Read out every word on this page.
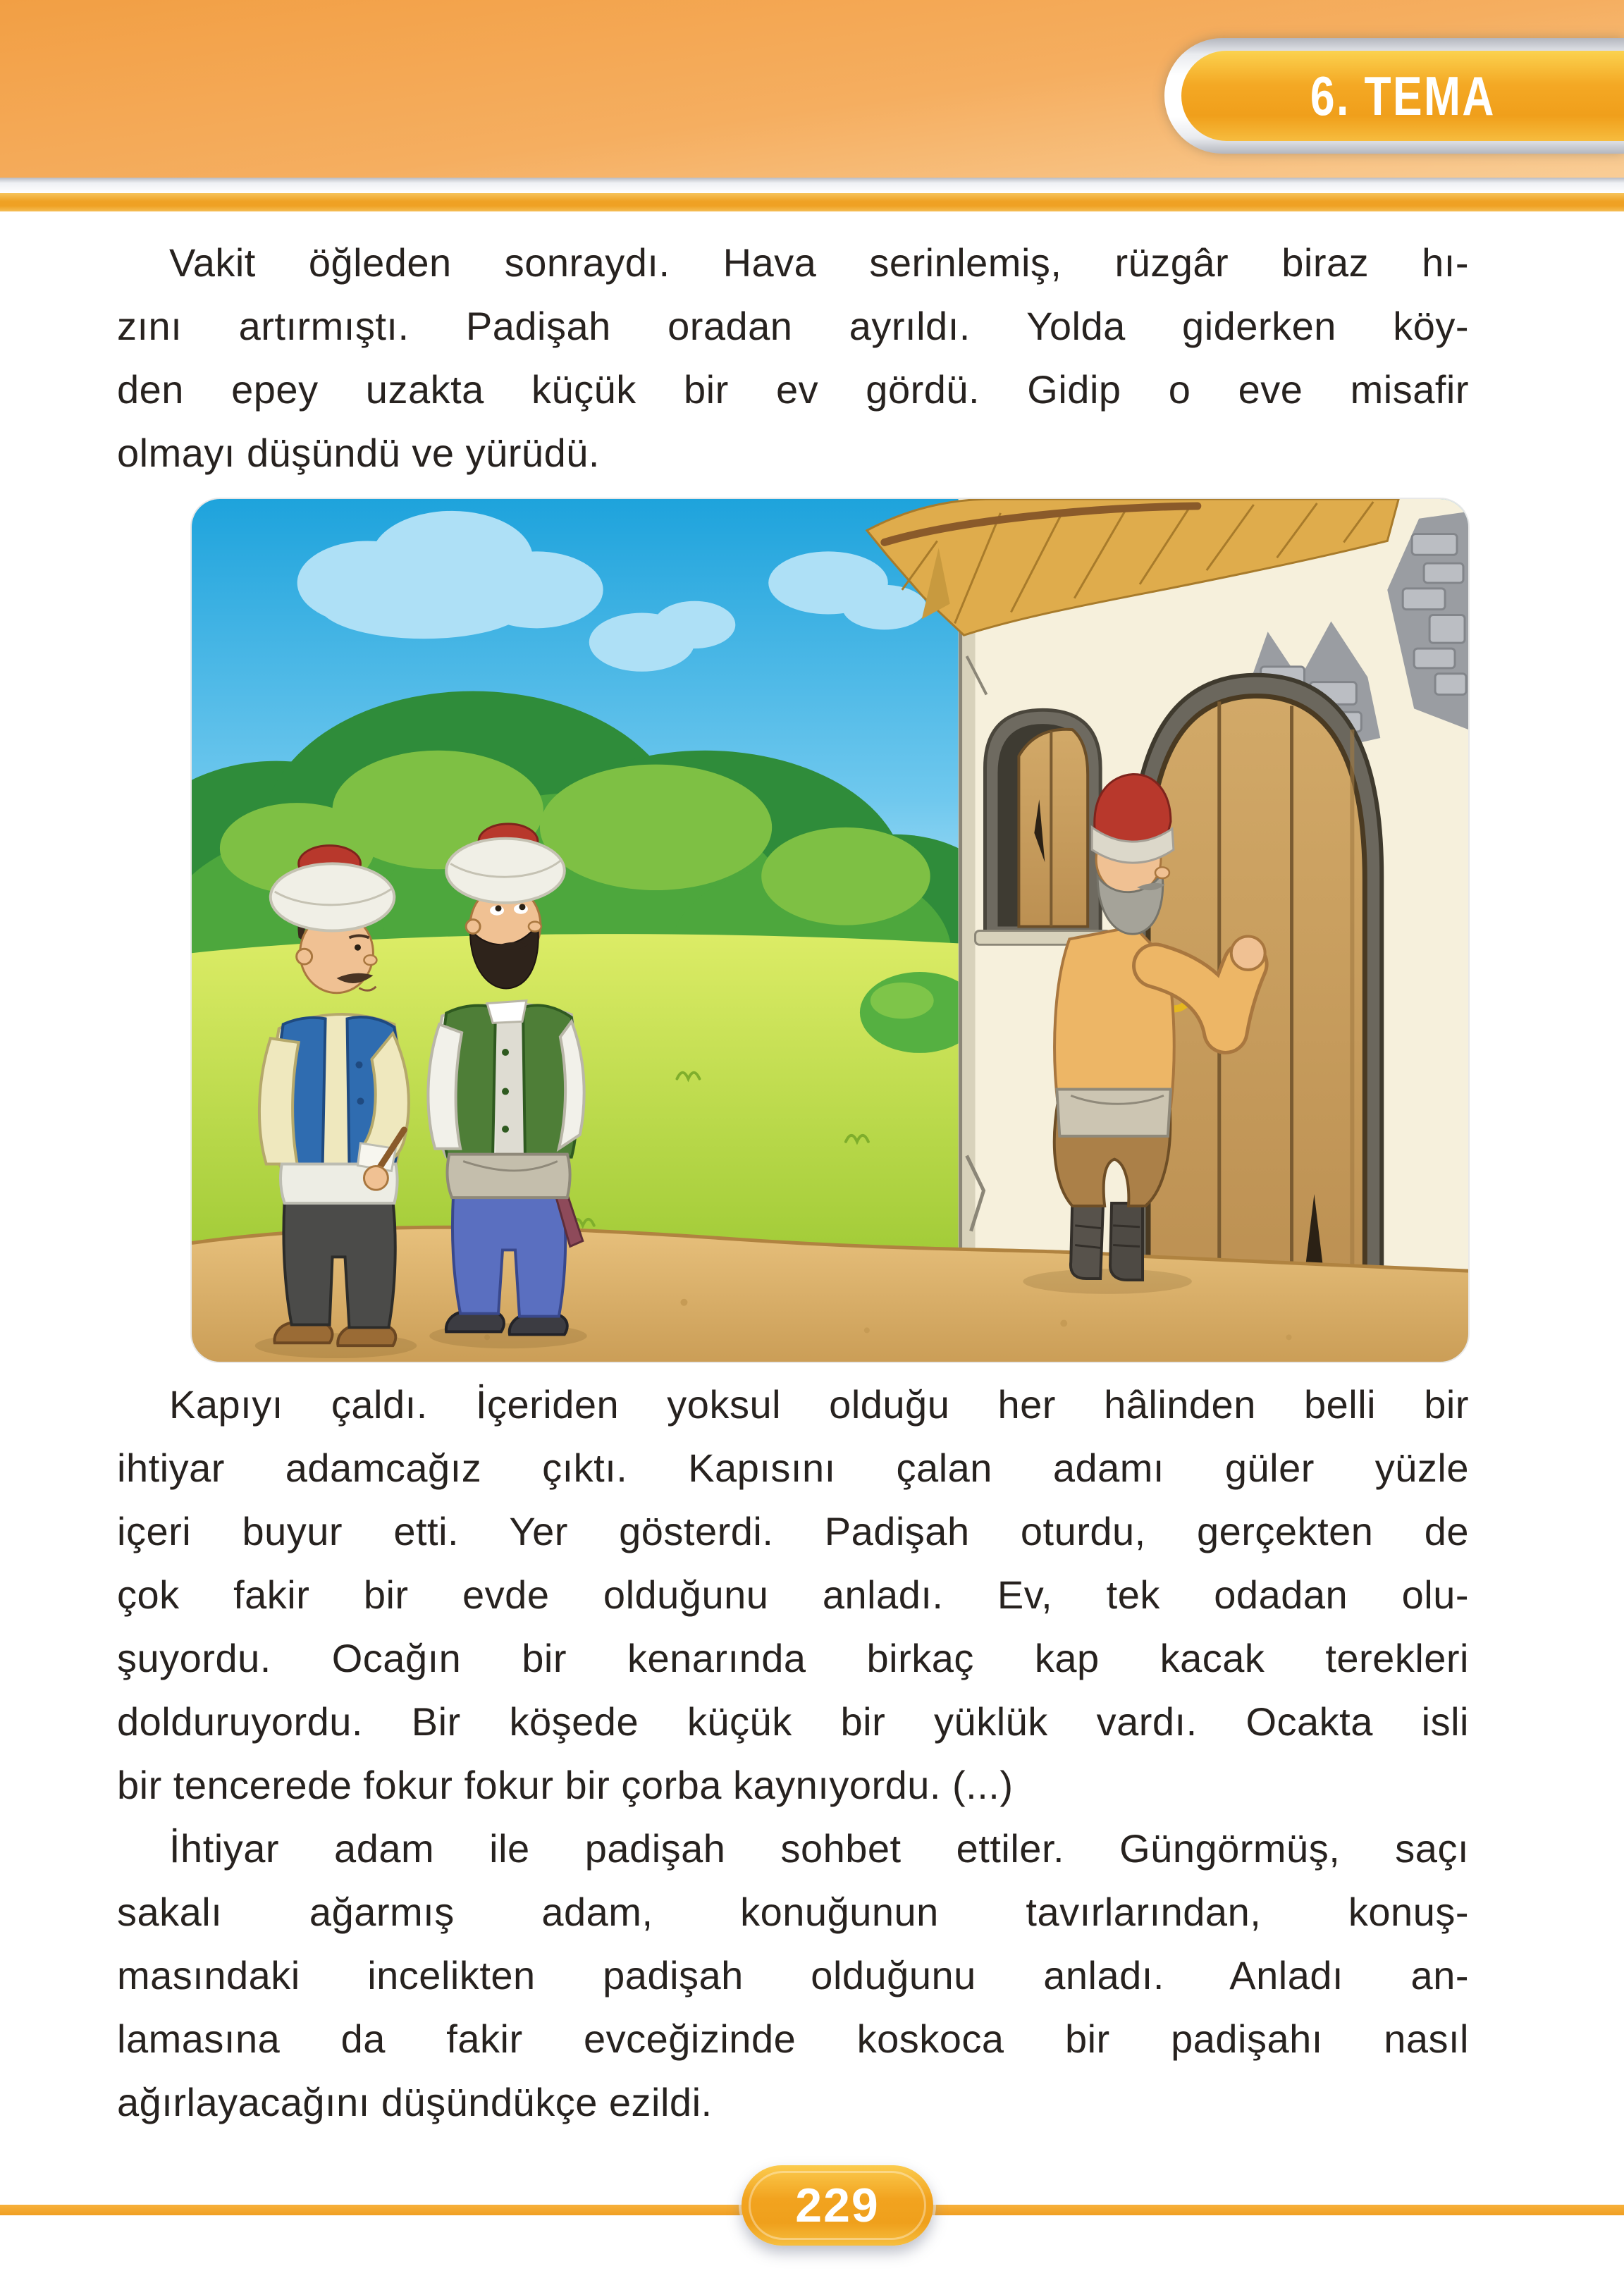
6. TEMA
Vakit öğleden sonraydı. Hava serinlemiş, rüzgâr biraz hı-
zını artırmıştı. Padişah oradan ayrıldı. Yolda giderken köy-
den epey uzakta küçük bir ev gördü. Gidip o eve misafir
olmayı düşündü ve yürüdü.
Kapıyı çaldı. İçeriden yoksul olduğu her hâlinden belli bir
ihtiyar adamcağız çıktı. Kapısını çalan adamı güler yüzle
içeri buyur etti. Yer gösterdi. Padişah oturdu, gerçekten de
çok fakir bir evde olduğunu anladı. Ev, tek odadan olu-
şuyordu. Ocağın bir kenarında birkaç kap kacak terekleri
dolduruyordu. Bir köşede küçük bir yüklük vardı. Ocakta isli
bir tencerede fokur fokur bir çorba kaynıyordu. (...)
İhtiyar adam ile padişah sohbet ettiler. Güngörmüş, saçı
sakalı ağarmış adam, konuğunun tavırlarından, konuş-
masındaki incelikten padişah olduğunu anladı. Anladı an-
lamasına da fakir evceğizinde koskoca bir padişahı nasıl
ağırlayacağını düşündükçe ezildi.
229
